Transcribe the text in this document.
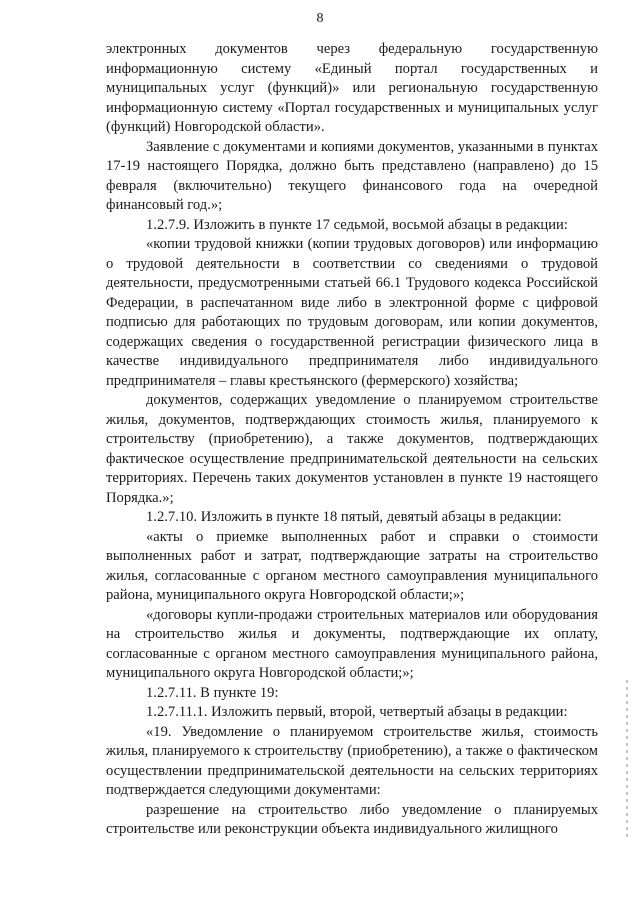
8

электронных документов через федеральную государственную информационную систему «Единый портал государственных и муниципальных услуг (функций)» или региональную государственную информационную систему «Портал государственных и муниципальных услуг (функций) Новгородской области».

Заявление с документами и копиями документов, указанными в пунктах 17-19 настоящего Порядка, должно быть представлено (направлено) до 15 февраля (включительно) текущего финансового года на очередной финансовый год.»;

1.2.7.9. Изложить в пункте 17 седьмой, восьмой абзацы в редакции:

«копии трудовой книжки (копии трудовых договоров) или информацию о трудовой деятельности в соответствии со сведениями о трудовой деятельности, предусмотренными статьей 66.1 Трудового кодекса Российской Федерации, в распечатанном виде либо в электронной форме с цифровой подписью для работающих по трудовым договорам, или копии документов, содержащих сведения о государственной регистрации физического лица в качестве индивидуального предпринимателя либо индивидуального предпринимателя – главы крестьянского (фермерского) хозяйства;

документов, содержащих уведомление о планируемом строительстве жилья, документов, подтверждающих стоимость жилья, планируемого к строительству (приобретению), а также документов, подтверждающих фактическое осуществление предпринимательской деятельности на сельских территориях. Перечень таких документов установлен в пункте 19 настоящего Порядка.»;

1.2.7.10. Изложить в пункте 18 пятый, девятый абзацы в редакции:

«акты о приемке выполненных работ и справки о стоимости выполненных работ и затрат, подтверждающие затраты на строительство жилья, согласованные с органом местного самоуправления муниципального района, муниципального округа Новгородской области;»;

«договоры купли-продажи строительных материалов или оборудования на строительство жилья и документы, подтверждающие их оплату, согласованные с органом местного самоуправления муниципального района, муниципального округа Новгородской области;»;

1.2.7.11. В пункте 19:

1.2.7.11.1. Изложить первый, второй, четвертый абзацы в редакции:

«19. Уведомление о планируемом строительстве жилья, стоимость жилья, планируемого к строительству (приобретению), а также о фактическом осуществлении предпринимательской деятельности на сельских территориях подтверждается следующими документами:

разрешение на строительство либо уведомление о планируемых строительстве или реконструкции объекта индивидуального жилищного
